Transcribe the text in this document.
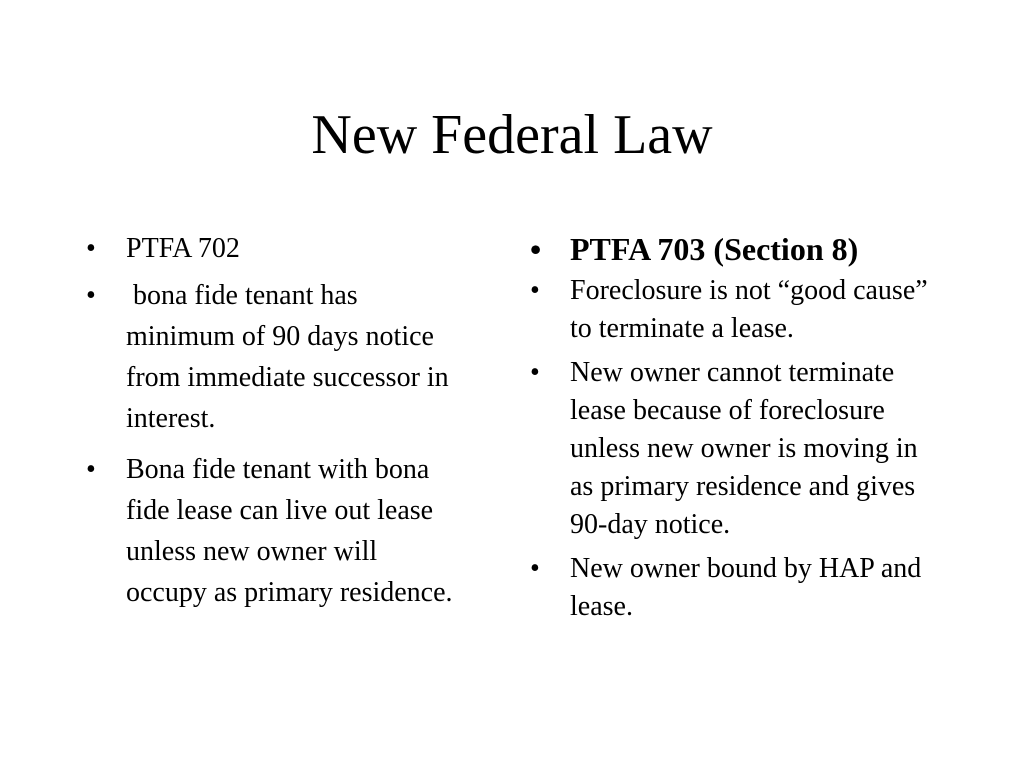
New Federal Law
• PTFA 702
• bona fide tenant has minimum of 90 days notice from immediate successor in interest.
• Bona fide tenant with bona fide lease can live out lease unless new owner will occupy as primary residence.
• PTFA 703 (Section 8)
• Foreclosure is not “good cause” to terminate a lease.
• New owner cannot terminate lease because of foreclosure unless new owner is moving in as primary residence and gives 90-day notice.
• New owner bound by HAP and lease.
